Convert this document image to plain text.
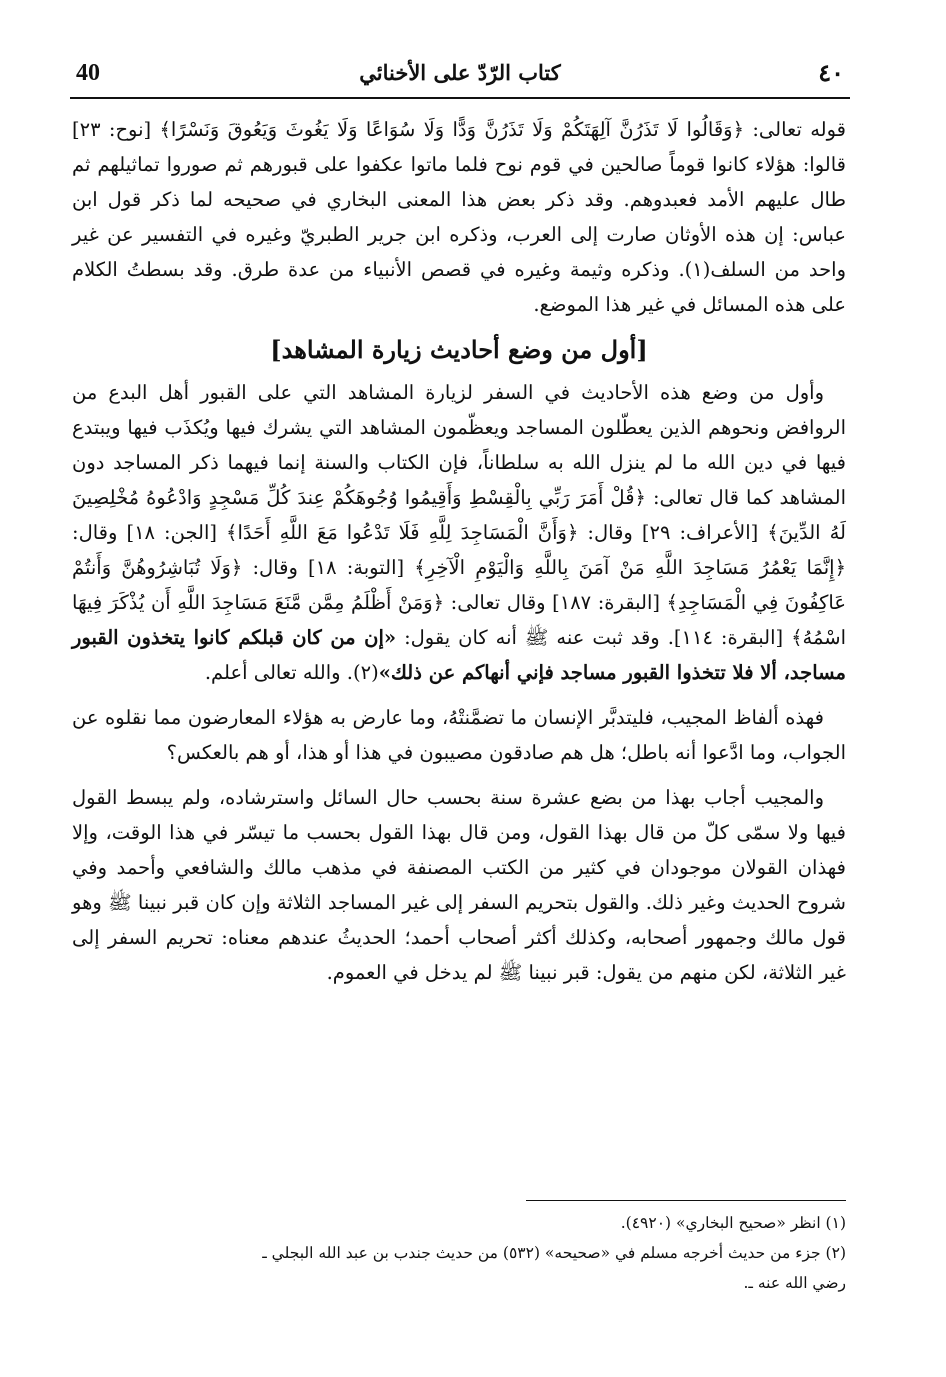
40	كتاب الرّدّ على الأخنائي	٤٠

قوله تعالى: ﴿وَقَالُوا لَا تَذَرُنَّ آلِهَتَكُمْ وَلَا تَذَرُنَّ وَدًّا وَلَا سُوَاعًا وَلَا يَغُوثَ وَيَعُوقَ وَنَسْرًا﴾ [نوح: ٢٣] قالوا: هؤلاء كانوا قوماً صالحين في قوم نوح فلما ماتوا عكفوا على قبورهم ثم صوروا تماثيلهم ثم طال عليهم الأمد فعبدوهم. وقد ذكر بعض هذا المعنى البخاري في صحيحه لما ذكر قول ابن عباس: إن هذه الأوثان صارت إلى العرب، وذكره ابن جرير الطبريّ وغيره في التفسير عن غير واحد من السلف(١). وذكره وثيمة وغيره في قصص الأنبياء من عدة طرق. وقد بسطتُ الكلام على هذه المسائل في غير هذا الموضع.

[أول من وضع أحاديث زيارة المشاهد]

وأول من وضع هذه الأحاديث في السفر لزيارة المشاهد التي على القبور أهل البدع من الروافض ونحوهم الذين يعطّلون المساجد ويعظّمون المشاهد التي يشرك فيها ويُكذَب فيها ويبتدع فيها في دين الله ما لم ينزل الله به سلطاناً، فإن الكتاب والسنة إنما فيهما ذكر المساجد دون المشاهد كما قال تعالى: ﴿قُلْ أَمَرَ رَبِّي بِالْقِسْطِ وَأَقِيمُوا وُجُوهَكُمْ عِندَ كُلِّ مَسْجِدٍ وَادْعُوهُ مُخْلِصِينَ لَهُ الدِّينَ﴾ [الأعراف: ٢٩] وقال: ﴿وَأَنَّ الْمَسَاجِدَ لِلَّهِ فَلَا تَدْعُوا مَعَ اللَّهِ أَحَدًا﴾ [الجن: ١٨] وقال: ﴿إِنَّمَا يَعْمُرُ مَسَاجِدَ اللَّهِ مَنْ آمَنَ بِاللَّهِ وَالْيَوْمِ الْآخِرِ﴾ [التوبة: ١٨] وقال: ﴿وَلَا تُبَاشِرُوهُنَّ وَأَنتُمْ عَاكِفُونَ فِي الْمَسَاجِدِ﴾ [البقرة: ١٨٧] وقال تعالى: ﴿وَمَنْ أَظْلَمُ مِمَّن مَّنَعَ مَسَاجِدَ اللَّهِ أَن يُذْكَرَ فِيهَا اسْمُهُ﴾ [البقرة: ١١٤]. وقد ثبت عنه ﷺ أنه كان يقول: «إن من كان قبلكم كانوا يتخذون القبور مساجد، ألا فلا تتخذوا القبور مساجد فإني أنهاكم عن ذلك»(٢). والله تعالى أعلم.

فهذه ألفاظ المجيب، فليتدبَّر الإنسان ما تضمَّنتْهُ، وما عارض به هؤلاء المعارضون مما نقلوه عن الجواب، وما ادَّعوا أنه باطل؛ هل هم صادقون مصيبون في هذا أو هذا، أو هم بالعكس؟

والمجيب أجاب بهذا من بضع عشرة سنة بحسب حال السائل واسترشاده، ولم يبسط القول فيها ولا سمّى كلّ من قال بهذا القول، ومن قال بهذا القول بحسب ما تيسّر في هذا الوقت، وإلا فهذان القولان موجودان في كثير من الكتب المصنفة في مذهب مالك والشافعي وأحمد وفي شروح الحديث وغير ذلك. والقول بتحريم السفر إلى غير المساجد الثلاثة وإن كان قبر نبينا ﷺ وهو قول مالك وجمهور أصحابه، وكذلك أكثر أصحاب أحمد؛ الحديثُ عندهم معناه: تحريم السفر إلى غير الثلاثة، لكن منهم من يقول: قبر نبينا ﷺ لم يدخل في العموم.

(١) انظر «صحيح البخاري» (٤٩٢٠).
(٢) جزء من حديث أخرجه مسلم في «صحيحه» (٥٣٢) من حديث جندب بن عبد الله البجلي ـ
رضي الله عنه ـ.
